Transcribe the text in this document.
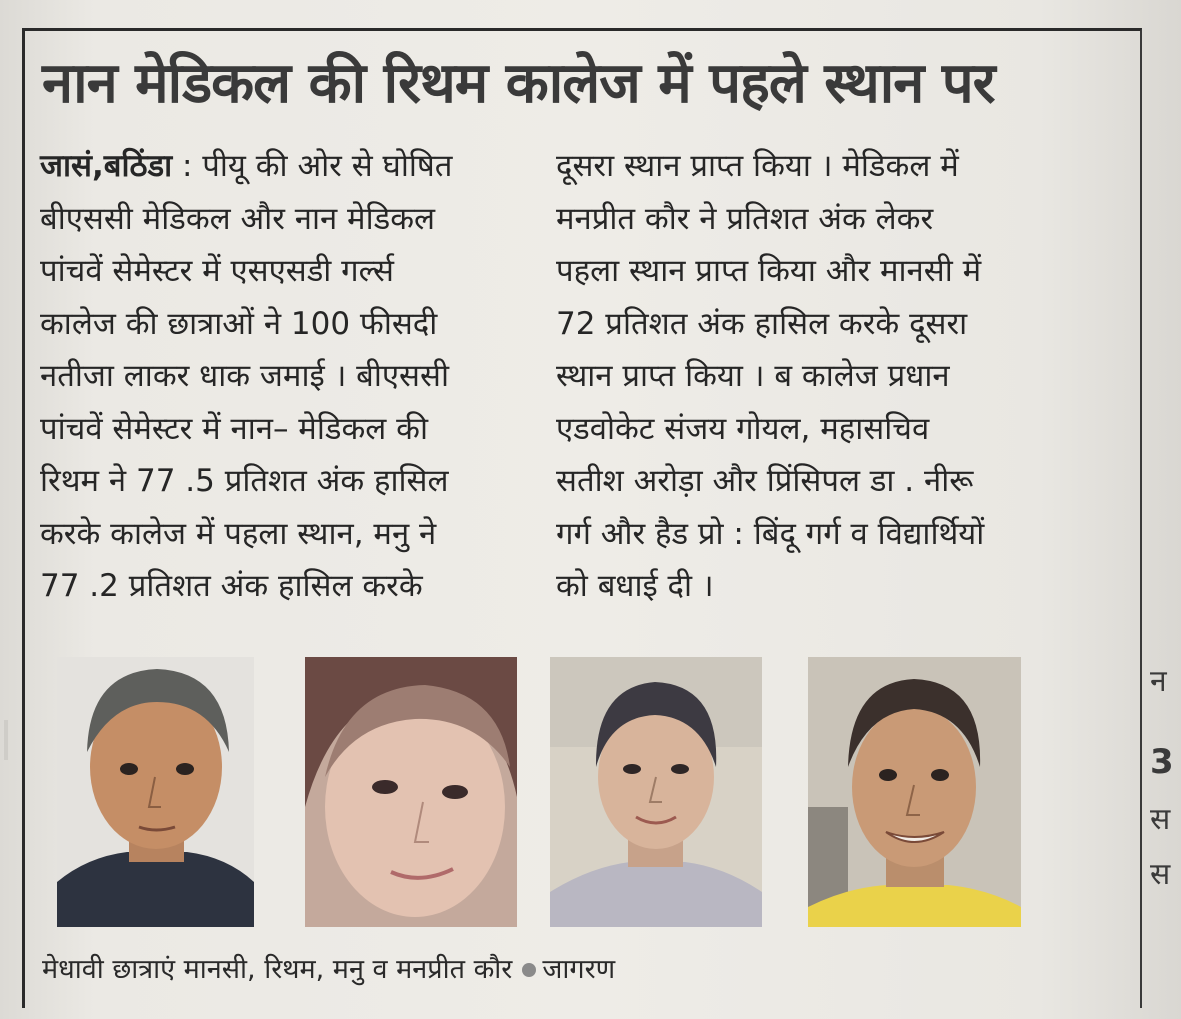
नान मेडिकल की रिथम कालेज में पहले स्थान पर

जासं,बठिंडा : पीयू की ओर से घोषित

बीएससी मेडिकल और नान मेडिकल

पांचवें सेमेस्टर में एसएसडी गर्ल्स

कालेज की छात्राओं ने 100 फीसदी

नतीजा लाकर धाक जमाई । बीएससी

पांचवें सेमेस्टर में नान– मेडिकल की

रिथम ने 77 .5 प्रतिशत अंक हासिल

करके कालेज में पहला स्थान, मनु ने

77 .2 प्रतिशत अंक हासिल करके

दूसरा स्थान प्राप्त किया । मेडिकल में

मनप्रीत कौर ने प्रतिशत अंक लेकर

पहला स्थान प्राप्त किया और मानसी में

72 प्रतिशत अंक हासिल करके दूसरा

स्थान प्राप्त किया । ब कालेज प्रधान

एडवोकेट संजय गोयल, महासचिव

सतीश अरोड़ा और प्रिंसिपल डा . नीरू

गर्ग और हैड प्रो : बिंदू गर्ग व विद्यार्थियों

को बधाई दी ।

मेधावी छात्राएं मानसी, रिथम, मनु व मनप्रीत कौर जागरण
न
3
स
स
